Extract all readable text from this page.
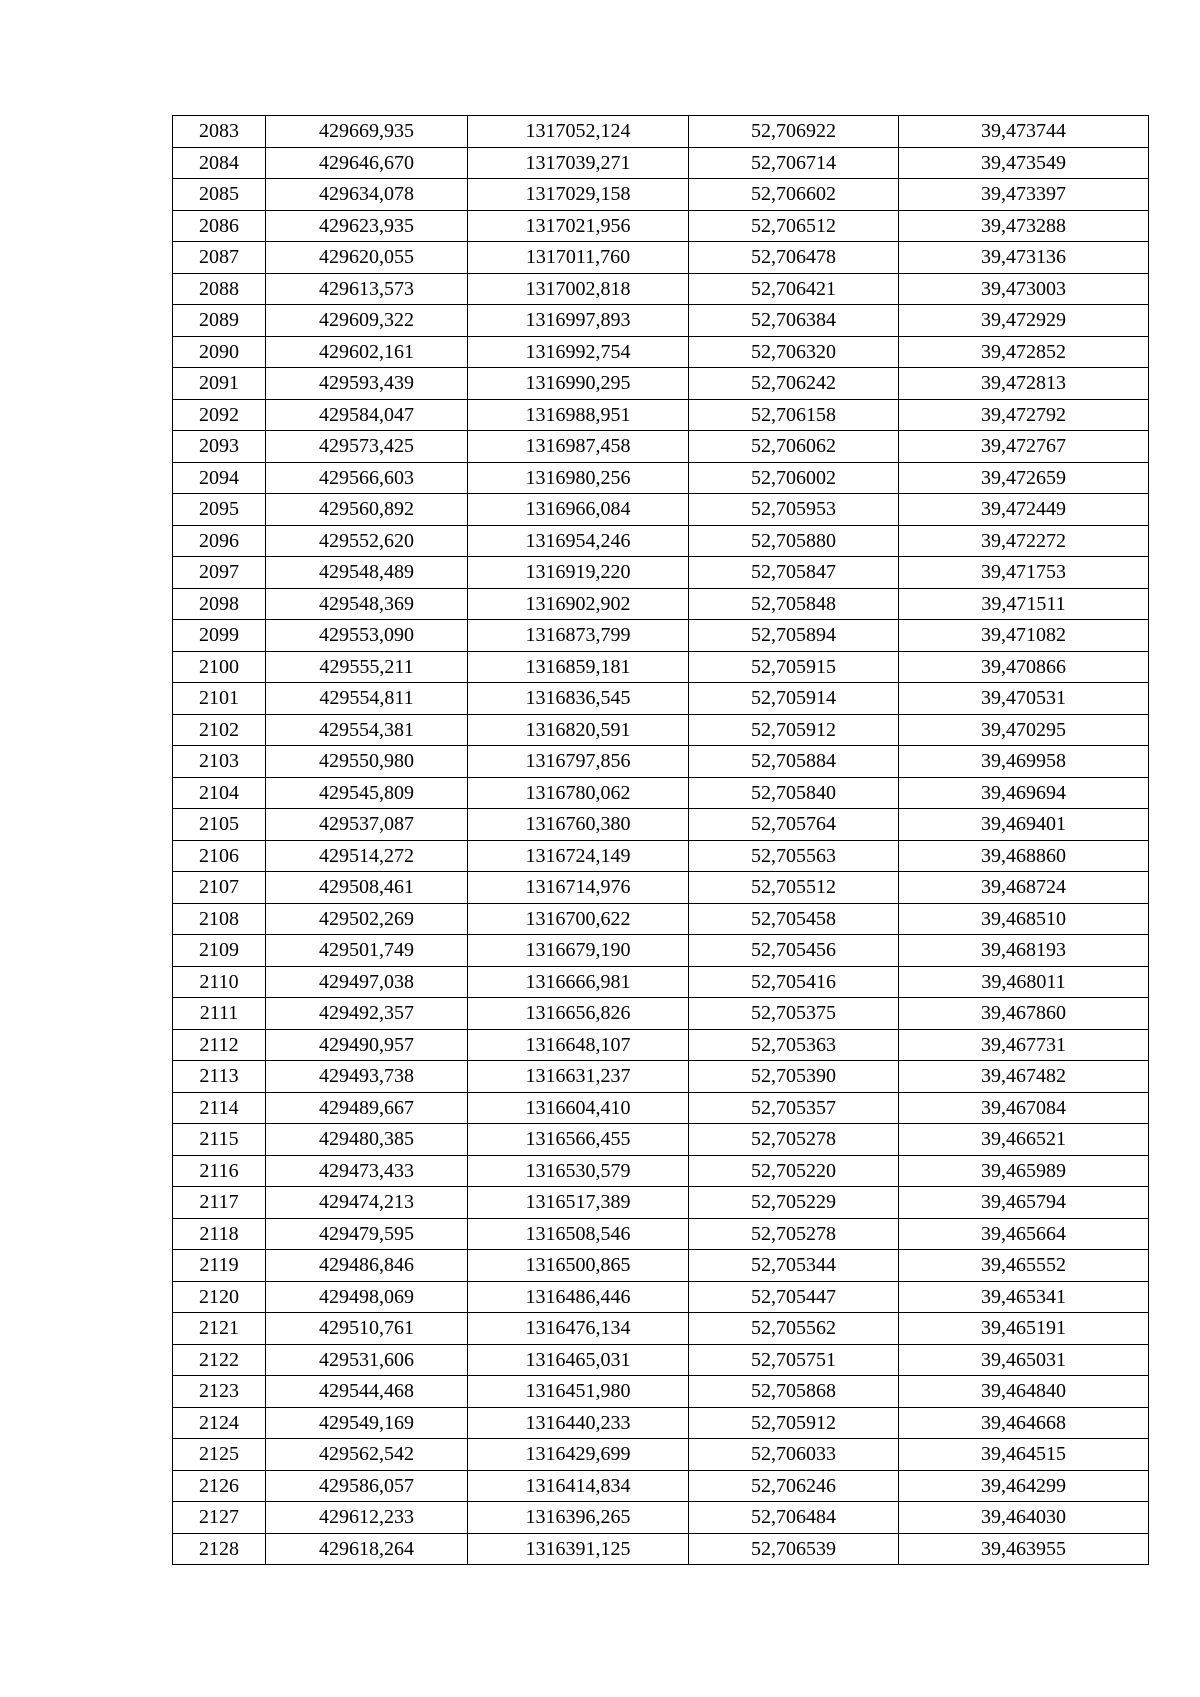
2083	429669,935	1317052,124	52,706922	39,473744
2084	429646,670	1317039,271	52,706714	39,473549
2085	429634,078	1317029,158	52,706602	39,473397
2086	429623,935	1317021,956	52,706512	39,473288
2087	429620,055	1317011,760	52,706478	39,473136
2088	429613,573	1317002,818	52,706421	39,473003
2089	429609,322	1316997,893	52,706384	39,472929
2090	429602,161	1316992,754	52,706320	39,472852
2091	429593,439	1316990,295	52,706242	39,472813
2092	429584,047	1316988,951	52,706158	39,472792
2093	429573,425	1316987,458	52,706062	39,472767
2094	429566,603	1316980,256	52,706002	39,472659
2095	429560,892	1316966,084	52,705953	39,472449
2096	429552,620	1316954,246	52,705880	39,472272
2097	429548,489	1316919,220	52,705847	39,471753
2098	429548,369	1316902,902	52,705848	39,471511
2099	429553,090	1316873,799	52,705894	39,471082
2100	429555,211	1316859,181	52,705915	39,470866
2101	429554,811	1316836,545	52,705914	39,470531
2102	429554,381	1316820,591	52,705912	39,470295
2103	429550,980	1316797,856	52,705884	39,469958
2104	429545,809	1316780,062	52,705840	39,469694
2105	429537,087	1316760,380	52,705764	39,469401
2106	429514,272	1316724,149	52,705563	39,468860
2107	429508,461	1316714,976	52,705512	39,468724
2108	429502,269	1316700,622	52,705458	39,468510
2109	429501,749	1316679,190	52,705456	39,468193
2110	429497,038	1316666,981	52,705416	39,468011
2111	429492,357	1316656,826	52,705375	39,467860
2112	429490,957	1316648,107	52,705363	39,467731
2113	429493,738	1316631,237	52,705390	39,467482
2114	429489,667	1316604,410	52,705357	39,467084
2115	429480,385	1316566,455	52,705278	39,466521
2116	429473,433	1316530,579	52,705220	39,465989
2117	429474,213	1316517,389	52,705229	39,465794
2118	429479,595	1316508,546	52,705278	39,465664
2119	429486,846	1316500,865	52,705344	39,465552
2120	429498,069	1316486,446	52,705447	39,465341
2121	429510,761	1316476,134	52,705562	39,465191
2122	429531,606	1316465,031	52,705751	39,465031
2123	429544,468	1316451,980	52,705868	39,464840
2124	429549,169	1316440,233	52,705912	39,464668
2125	429562,542	1316429,699	52,706033	39,464515
2126	429586,057	1316414,834	52,706246	39,464299
2127	429612,233	1316396,265	52,706484	39,464030
2128	429618,264	1316391,125	52,706539	39,463955
